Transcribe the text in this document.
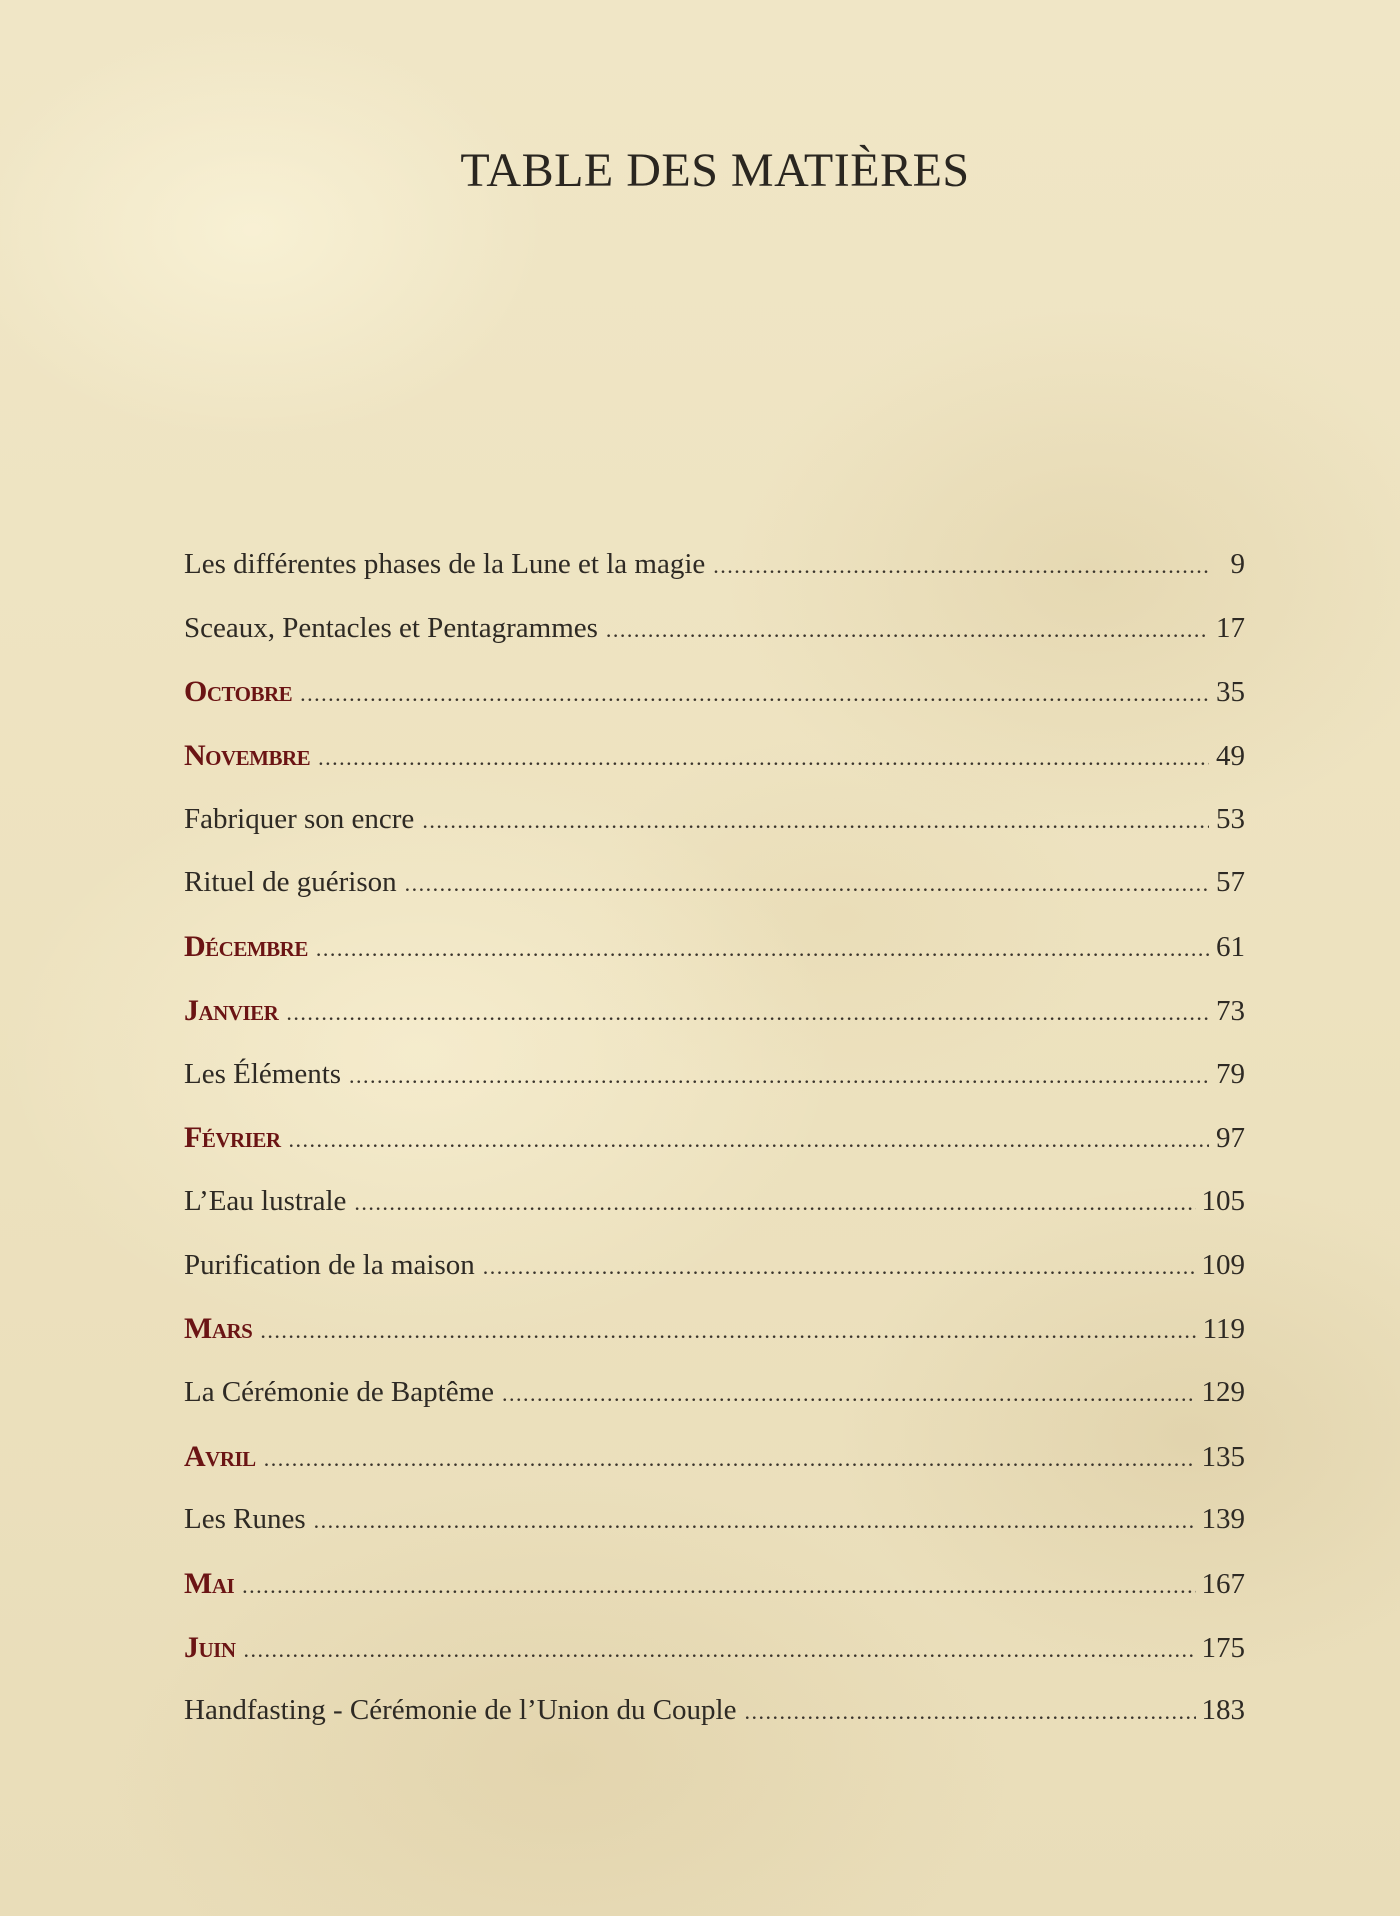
TABLE DES MATIÈRES
Les différentes phases de la Lune et la magie .....	9
Sceaux, Pentacles et Pentagrammes .....	17
Octobre .....	35
Novembre .....	49
Fabriquer son encre .....	53
Rituel de guérison .....	57
Décembre .....	61
Janvier .....	73
Les Éléments .....	79
Février .....	97
L’Eau lustrale .....	105
Purification de la maison .....	109
Mars .....	119
La Cérémonie de Baptême .....	129
Avril .....	135
Les Runes .....	139
Mai .....	167
Juin .....	175
Handfasting - Cérémonie de l’Union du Couple .....	183
